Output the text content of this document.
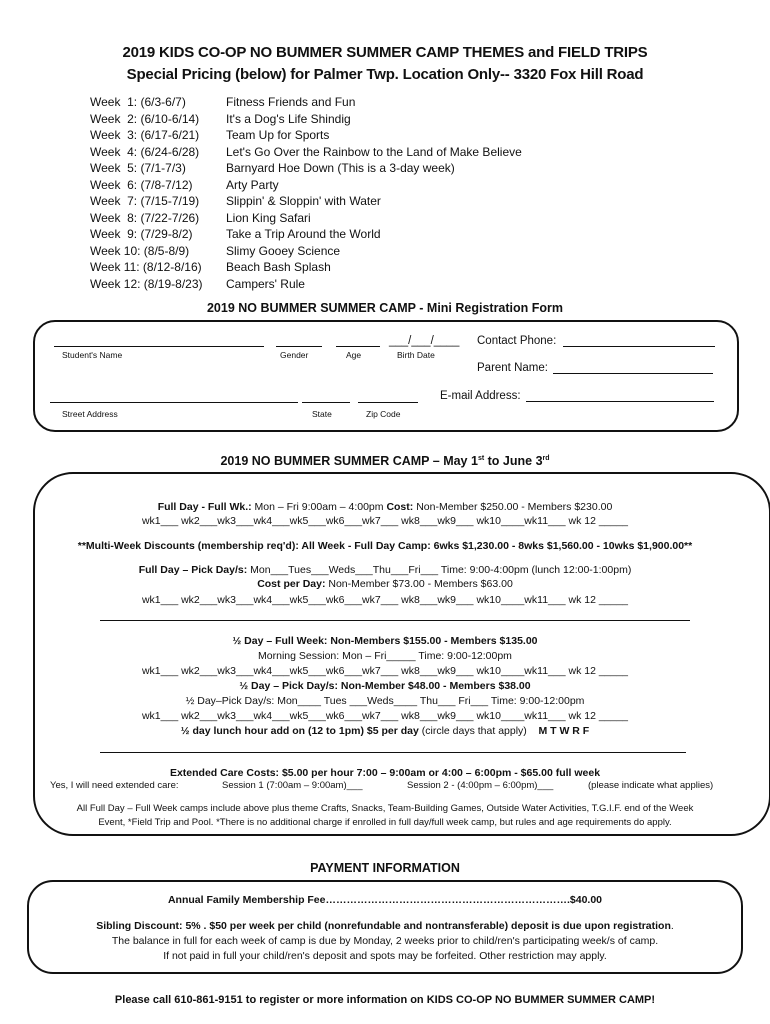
2019 KIDS CO-OP NO BUMMER SUMMER CAMP THEMES and FIELD TRIPS
Special Pricing (below) for Palmer Twp. Location Only-- 3320 Fox Hill Road
Week  1: (6/3-6/7)	Fitness Friends and Fun
Week  2: (6/10-6/14)	It's a Dog's Life Shindig
Week  3: (6/17-6/21)	Team Up for Sports
Week  4: (6/24-6/28)	Let's Go Over the Rainbow to the Land of Make Believe
Week  5: (7/1-7/3)	Barnyard Hoe Down (This is a 3-day week)
Week  6: (7/8-7/12)	Arty Party
Week  7: (7/15-7/19)	Slippin' & Sloppin' with Water
Week  8: (7/22-7/26)	Lion King Safari
Week  9: (7/29-8/2)	Take a Trip Around the World
Week 10: (8/5-8/9)	Slimy Gooey Science
Week 11: (8/12-8/16)	Beach Bash Splash
Week 12: (8/19-8/23)	Campers' Rule
2019 NO BUMMER SUMMER CAMP - Mini Registration Form
Student's Name	Gender	Age
___/___/____
Birth Date
Contact Phone:
Parent Name:
Street Address	State	Zip Code
E-mail Address:
2019 NO BUMMER SUMMER CAMP – May 1st to June 3rd
Full Day - Full Wk.: Mon – Fri 9:00am – 4:00pm Cost: Non-Member $250.00 - Members $230.00
wk1___ wk2___wk3___wk4___wk5___wk6___wk7___ wk8___wk9___ wk10____wk11___ wk 12 _____
**Multi-Week Discounts (membership req'd): All Week - Full Day Camp: 6wks $1,230.00 - 8wks $1,560.00 - 10wks $1,900.00**
Full Day – Pick Day/s: Mon___Tues___Weds___Thu___Fri___ Time: 9:00-4:00pm (lunch 12:00-1:00pm)
Cost per Day: Non-Member $73.00 - Members $63.00
wk1___ wk2___wk3___wk4___wk5___wk6___wk7___ wk8___wk9___ wk10____wk11___ wk 12 _____
½ Day – Full Week: Non-Members $155.00 - Members $135.00
Morning Session: Mon – Fri_____ Time: 9:00-12:00pm
wk1___ wk2___wk3___wk4___wk5___wk6___wk7___ wk8___wk9___ wk10____wk11___ wk 12 _____
½ Day – Pick Day/s: Non-Member $48.00 - Members $38.00
½ Day–Pick Day/s: Mon____ Tues ___Weds____ Thu___ Fri___ Time: 9:00-12:00pm
wk1___ wk2___wk3___wk4___wk5___wk6___wk7___ wk8___wk9___ wk10____wk11___ wk 12 _____
½ day lunch hour add on (12 to 1pm) $5 per day (circle days that apply) M T W R F
Extended Care Costs: $5.00 per hour 7:00 – 9:00am or 4:00 – 6:00pm - $65.00 full week
Yes, I will need extended care:	Session 1 (7:00am – 9:00am)___	Session 2 - (4:00pm – 6:00pm)___	(please indicate what applies)
All Full Day – Full Week camps include above plus theme Crafts, Snacks, Team-Building Games, Outside Water Activities, T.G.I.F. end of the Week
Event, *Field Trip and Pool. *There is no additional charge if enrolled in full day/full week camp, but rules and age requirements do apply.
PAYMENT INFORMATION
Annual Family Membership Fee…………………………………………………………….$40.00
Sibling Discount: 5% . $50 per week per child (nonrefundable and nontransferable) deposit is due upon registration.
The balance in full for each week of camp is due by Monday, 2 weeks prior to child/ren's participating week/s of camp.
If not paid in full your child/ren's deposit and spots may be forfeited. Other restriction may apply.
Please call 610-861-9151 to register or more information on KIDS CO-OP NO BUMMER SUMMER CAMP!
